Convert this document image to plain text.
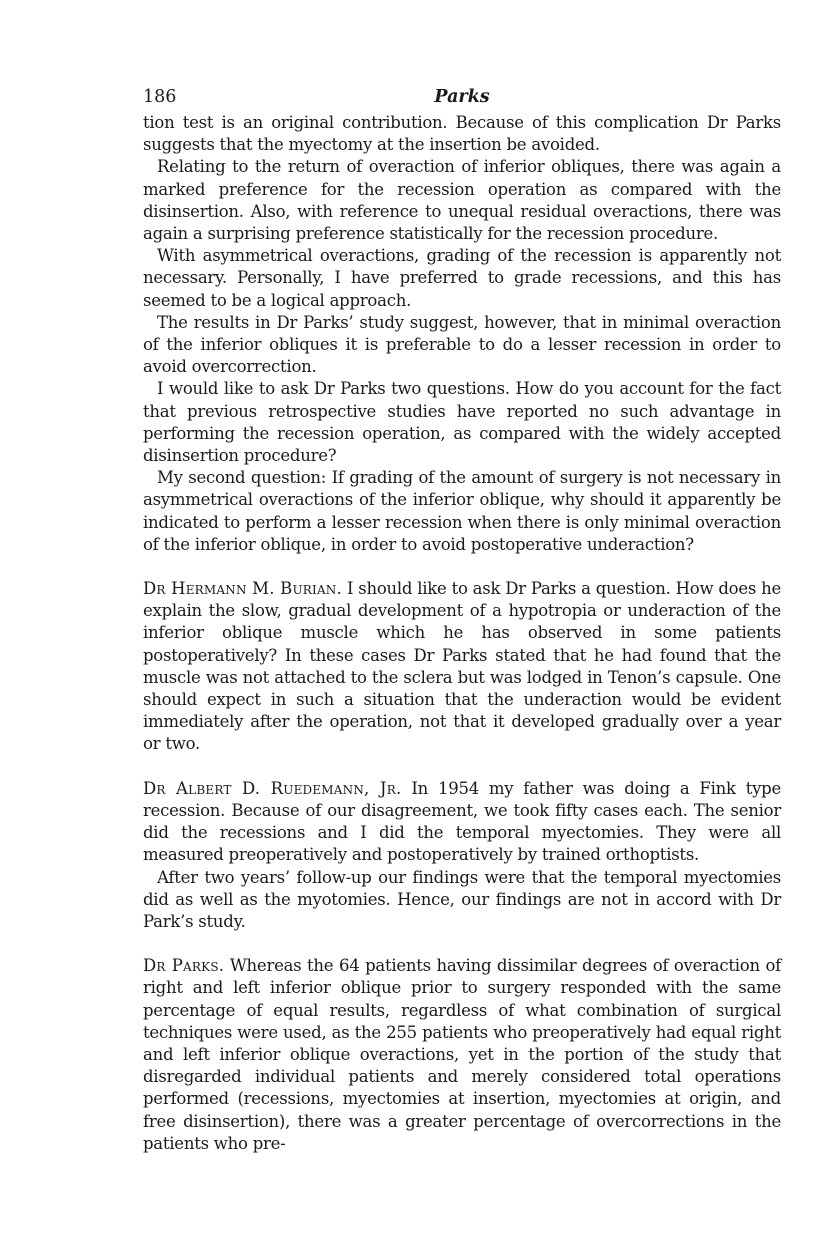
186	Parks

tion test is an original contribution. Because of this complication Dr Parks suggests that the myectomy at the insertion be avoided.

Relating to the return of overaction of inferior obliques, there was again a marked preference for the recession operation as compared with the disinsertion. Also, with reference to unequal residual overactions, there was again a surprising preference statistically for the recession procedure.

With asymmetrical overactions, grading of the recession is apparently not necessary. Personally, I have preferred to grade recessions, and this has seemed to be a logical approach.

The results in Dr Parks’ study suggest, however, that in minimal overaction of the inferior obliques it is preferable to do a lesser recession in order to avoid overcorrection.

I would like to ask Dr Parks two questions. How do you account for the fact that previous retrospective studies have reported no such advantage in performing the recession operation, as compared with the widely accepted disinsertion procedure?

My second question: If grading of the amount of surgery is not necessary in asymmetrical overactions of the inferior oblique, why should it apparently be indicated to perform a lesser recession when there is only minimal overaction of the inferior oblique, in order to avoid postoperative underaction?

Dr Hermann M. Burian. I should like to ask Dr Parks a question. How does he explain the slow, gradual development of a hypotropia or underaction of the inferior oblique muscle which he has observed in some patients postoperatively? In these cases Dr Parks stated that he had found that the muscle was not attached to the sclera but was lodged in Tenon’s capsule. One should expect in such a situation that the underaction would be evident immediately after the operation, not that it developed gradually over a year or two.

Dr Albert D. Ruedemann, Jr. In 1954 my father was doing a Fink type recession. Because of our disagreement, we took fifty cases each. The senior did the recessions and I did the temporal myectomies. They were all measured preoperatively and postoperatively by trained orthoptists.

After two years’ follow-up our findings were that the temporal myectomies did as well as the myotomies. Hence, our findings are not in accord with Dr Park’s study.

Dr Parks. Whereas the 64 patients having dissimilar degrees of overaction of right and left inferior oblique prior to surgery responded with the same percentage of equal results, regardless of what combination of surgical techniques were used, as the 255 patients who preoperatively had equal right and left inferior oblique overactions, yet in the portion of the study that disregarded individual patients and merely considered total operations performed (recessions, myectomies at insertion, myectomies at origin, and free disinsertion), there was a greater percentage of overcorrections in the patients who pre-
